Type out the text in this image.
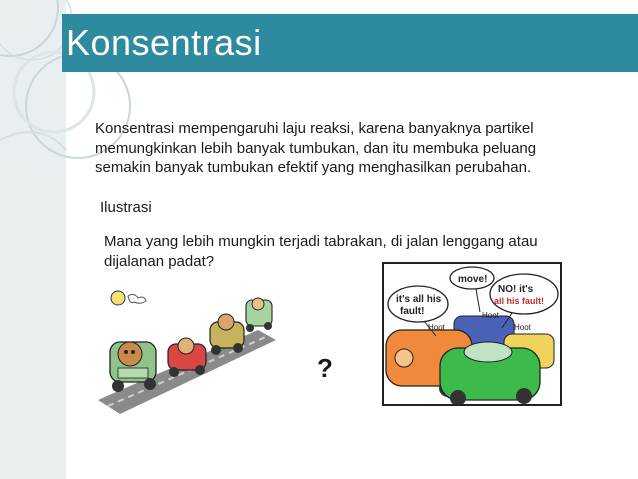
Konsentrasi
Konsentrasi mempengaruhi laju reaksi, karena banyaknya partikel memungkinkan lebih banyak tumbukan, dan itu membuka peluang semakin banyak tumbukan efektif yang menghasilkan perubahan.
Ilustrasi
Mana yang lebih mungkin terjadi tabrakan, di jalan lenggang atau dijalanan padat?
?
it's all his
fault!
move!
NO! it's
all his fault!
Hoot
Hoot
Hoot
